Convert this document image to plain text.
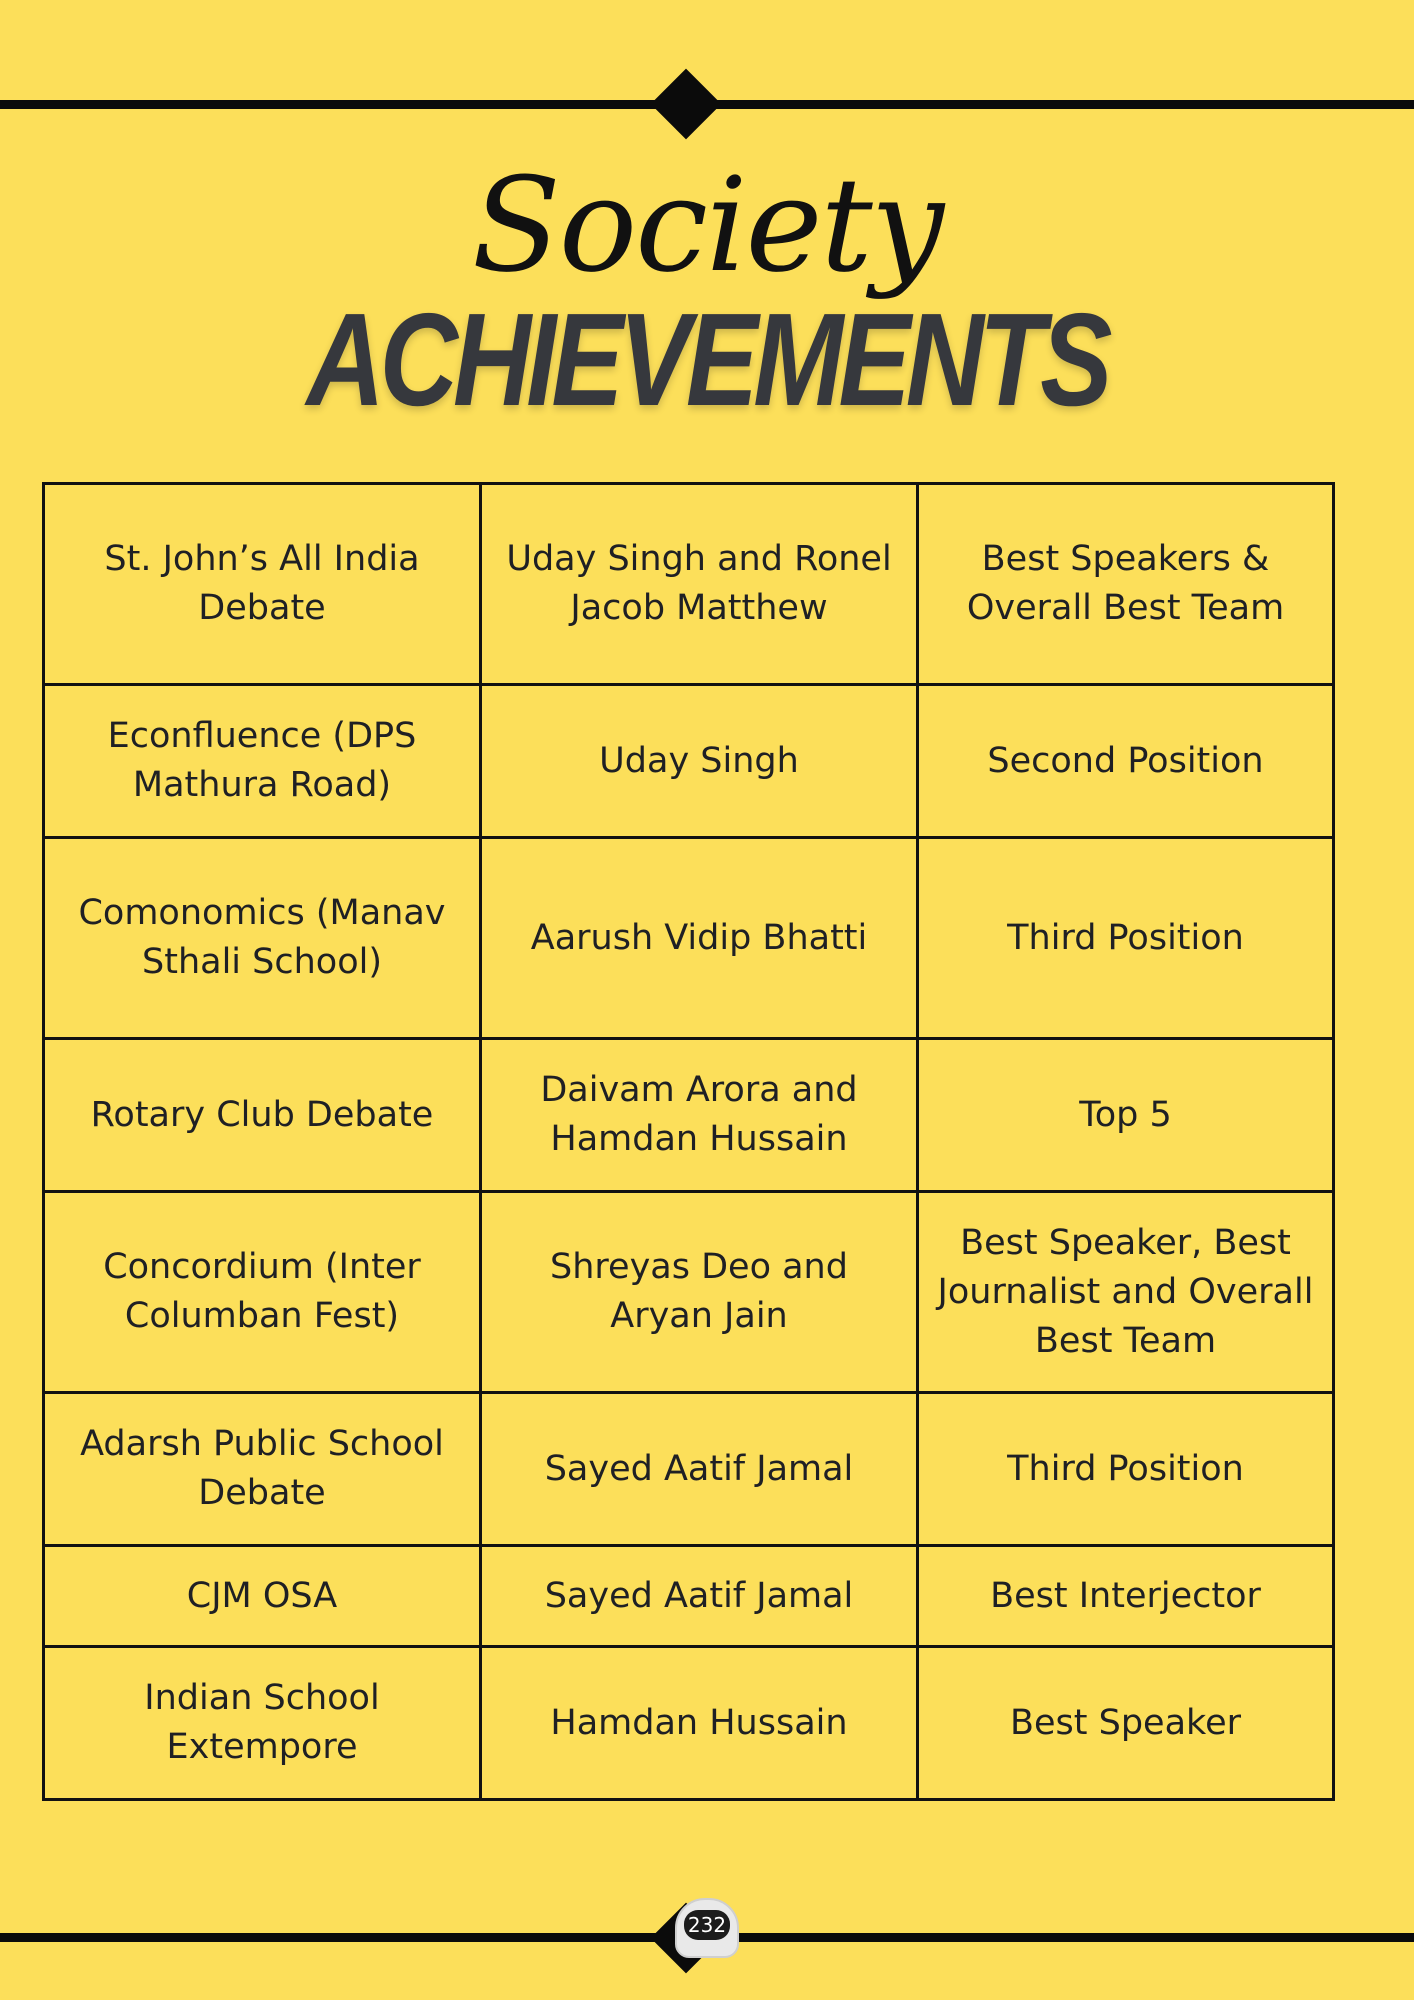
Society
ACHIEVEMENTS
St. John’s All India Debate	Uday Singh and Ronel Jacob Matthew	Best Speakers & Overall Best Team
Econfluence (DPS Mathura Road)	Uday Singh	Second Position
Comonomics (Manav Sthali School)	Aarush Vidip Bhatti	Third Position
Rotary Club Debate	Daivam Arora and Hamdan Hussain	Top 5
Concordium (Inter Columban Fest)	Shreyas Deo and Aryan Jain	Best Speaker, Best Journalist and Overall Best Team
Adarsh Public School Debate	Sayed Aatif Jamal	Third Position
CJM OSA	Sayed Aatif Jamal	Best Interjector
Indian School Extempore	Hamdan Hussain	Best Speaker
232
